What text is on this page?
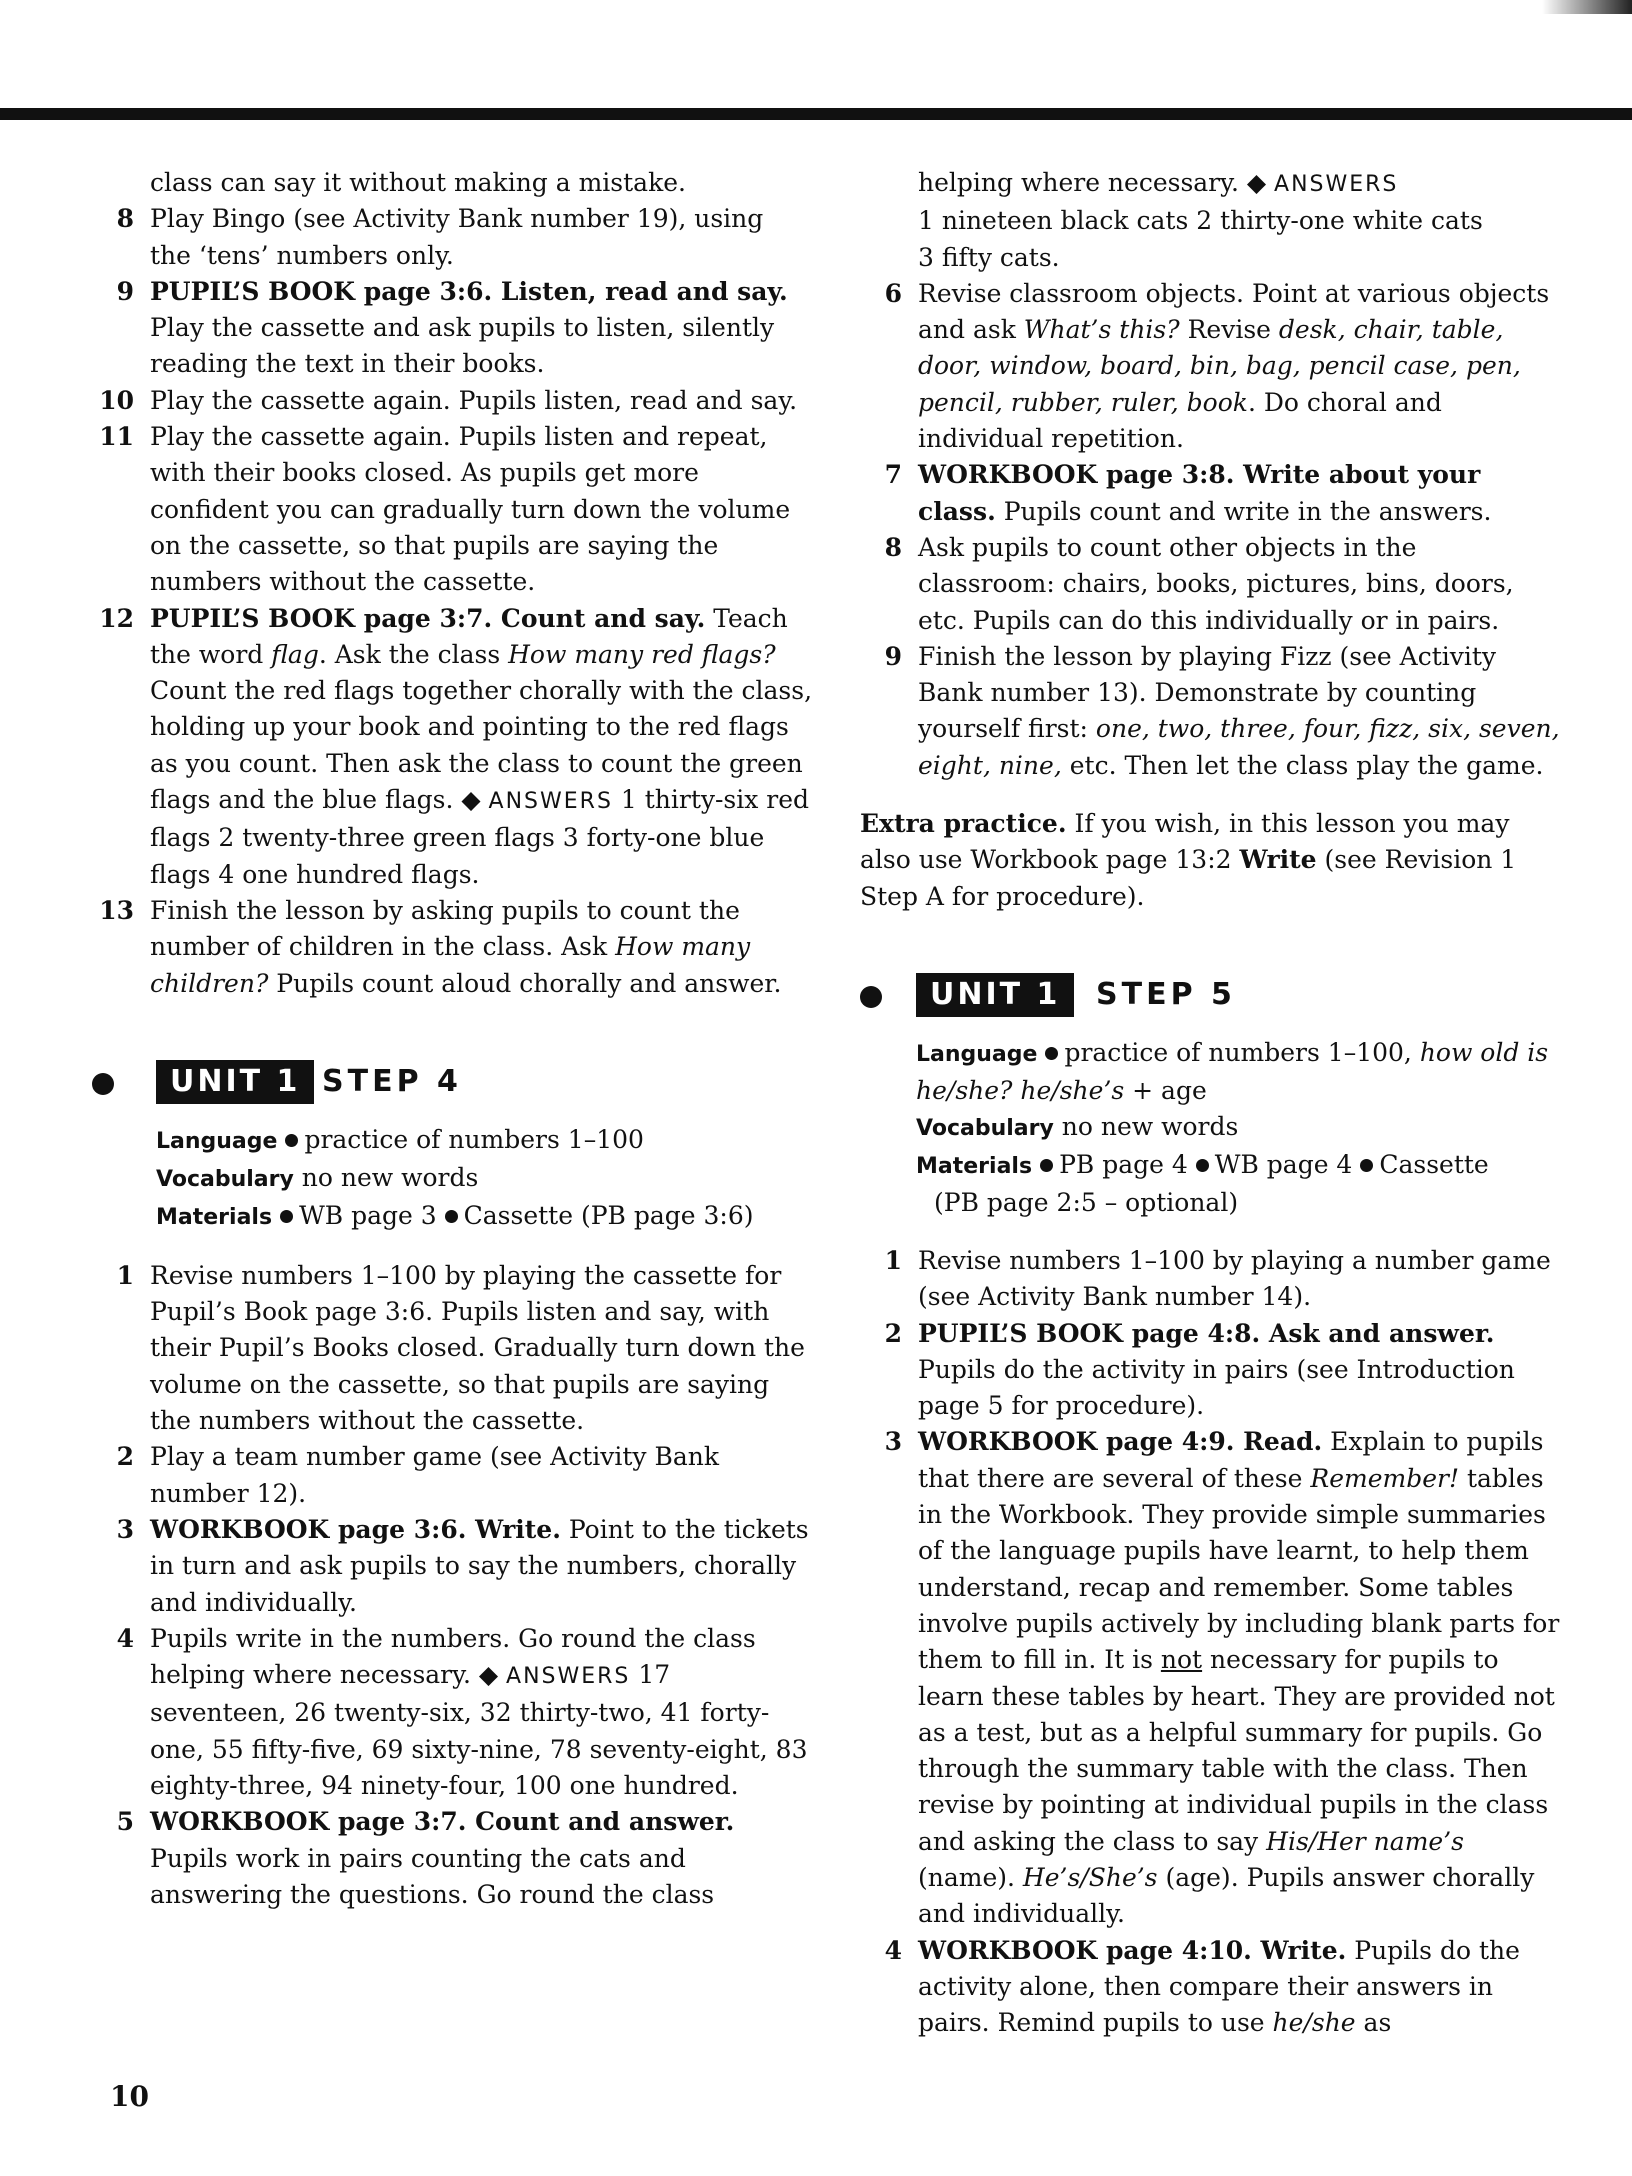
class can say it without making a mistake.
8 Play Bingo (see Activity Bank number 19), using the ‘tens’ numbers only.
9 PUPIL’S BOOK page 3:6. Listen, read and say. Play the cassette and ask pupils to listen, silently reading the text in their books.
10 Play the cassette again. Pupils listen, read and say.
11 Play the cassette again. Pupils listen and repeat, with their books closed. As pupils get more confident you can gradually turn down the volume on the cassette, so that pupils are saying the numbers without the cassette.
12 PUPIL’S BOOK page 3:7. Count and say. Teach the word flag. Ask the class How many red flags? Count the red flags together chorally with the class, holding up your book and pointing to the red flags as you count. Then ask the class to count the green flags and the blue flags. ◆ ANSWERS 1 thirty-six red flags 2 twenty-three green flags 3 forty-one blue flags 4 one hundred flags.
13 Finish the lesson by asking pupils to count the number of children in the class. Ask How many children? Pupils count aloud chorally and answer.
UNIT 1 STEP 4
Language practice of numbers 1–100
Vocabulary no new words
Materials WB page 3 Cassette (PB page 3:6)
1 Revise numbers 1–100 by playing the cassette for Pupil’s Book page 3:6. Pupils listen and say, with their Pupil’s Books closed. Gradually turn down the volume on the cassette, so that pupils are saying the numbers without the cassette.
2 Play a team number game (see Activity Bank number 12).
3 WORKBOOK page 3:6. Write. Point to the tickets in turn and ask pupils to say the numbers, chorally and individually.
4 Pupils write in the numbers. Go round the class helping where necessary. ◆ ANSWERS 17 seventeen, 26 twenty-six, 32 thirty-two, 41 forty-one, 55 fifty-five, 69 sixty-nine, 78 seventy-eight, 83 eighty-three, 94 ninety-four, 100 one hundred.
5 WORKBOOK page 3:7. Count and answer. Pupils work in pairs counting the cats and answering the questions. Go round the class
helping where necessary. ◆ ANSWERS
1 nineteen black cats 2 thirty-one white cats
3 fifty cats.
6 Revise classroom objects. Point at various objects and ask What’s this? Revise desk, chair, table, door, window, board, bin, bag, pencil case, pen, pencil, rubber, ruler, book. Do choral and individual repetition.
7 WORKBOOK page 3:8. Write about your class. Pupils count and write in the answers.
8 Ask pupils to count other objects in the classroom: chairs, books, pictures, bins, doors, etc. Pupils can do this individually or in pairs.
9 Finish the lesson by playing Fizz (see Activity Bank number 13). Demonstrate by counting yourself first: one, two, three, four, fizz, six, seven, eight, nine, etc. Then let the class play the game.
Extra practice. If you wish, in this lesson you may also use Workbook page 13:2 Write (see Revision 1 Step A for procedure).
UNIT 1	STEP 5
Language practice of numbers 1–100, how old is he/she? he/she’s + age
Vocabulary no new words
Materials PB page 4 WB page 4 Cassette
(PB page 2:5 – optional)
1 Revise numbers 1–100 by playing a number game (see Activity Bank number 14).
2 PUPIL’S BOOK page 4:8. Ask and answer. Pupils do the activity in pairs (see Introduction page 5 for procedure).
3 WORKBOOK page 4:9. Read. Explain to pupils that there are several of these Remember! tables in the Workbook. They provide simple summaries of the language pupils have learnt, to help them understand, recap and remember. Some tables involve pupils actively by including blank parts for them to fill in. It is not necessary for pupils to learn these tables by heart. They are provided not as a test, but as a helpful summary for pupils. Go through the summary table with the class. Then revise by pointing at individual pupils in the class and asking the class to say His/Her name’s (name). He’s/She’s (age). Pupils answer chorally and individually.
4 WORKBOOK page 4:10. Write. Pupils do the activity alone, then compare their answers in pairs. Remind pupils to use he/she as
10
